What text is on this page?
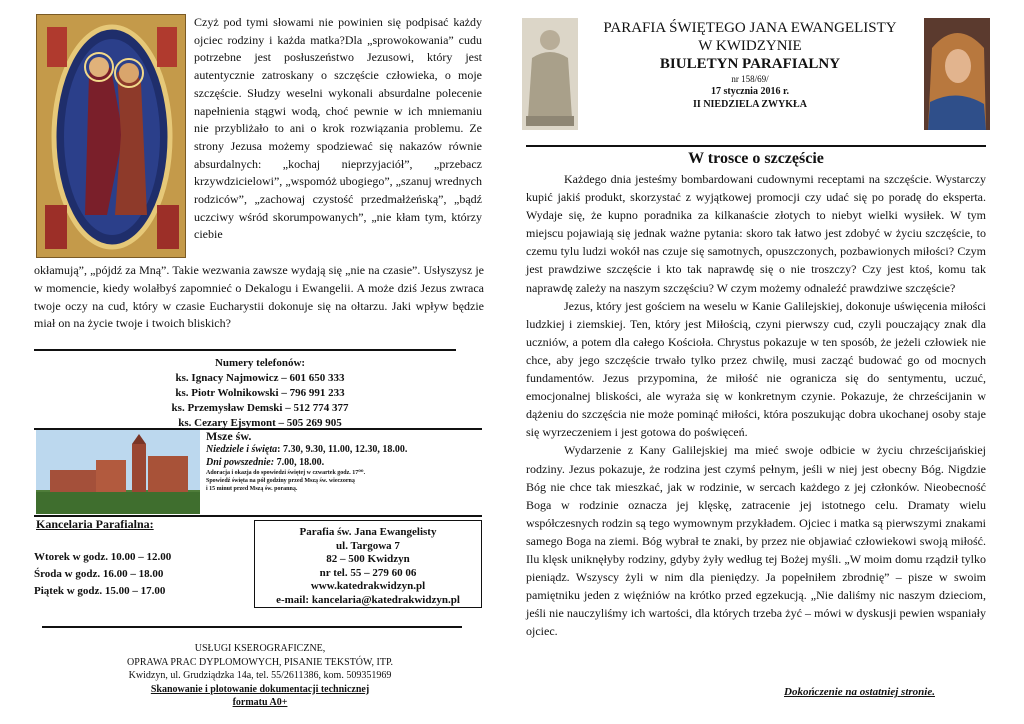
Czyż pod tymi słowami nie powinien się podpisać każdy ojciec rodziny i każda matka?Dla „sprowokowania” cudu potrzebne jest posłuszeństwo Jezusowi, który jest autentycznie zatroskany o szczęście człowieka, o moje szczęście. Słudzy weselni wykonali absurdalne polecenie napełnienia stągwi wodą, choć pewnie w ich mniemaniu nie przybliżało to ani o krok rozwiązania problemu. Ze strony Jezusa możemy spodziewać się nakazów równie absurdalnych: „kochaj nieprzyjaciół”, „przebacz krzywdzicielowi”, „wspomóż ubogiego”, „szanuj wrednych rodziców”, „zachowaj czystość przedmałżeńską”, „bądź uczciwy wśród skorumpowanych”, „nie kłam tym, którzy ciebie
okłamują”, „pójdź za Mną”. Takie wezwania zawsze wydają się „nie na czasie”. Usłyszysz je w momencie, kiedy wolałbyś zapomnieć o Dekalogu i Ewangelii. A może dziś Jezus zwraca twoje oczy na cud, który w czasie Eucharystii dokonuje się na ołtarzu. Jaki wpływ będzie miał on na życie twoje i twoich bliskich?
Numery telefonów:
ks. Ignacy Najmowicz – 601 650 333
ks. Piotr Wolnikowski – 796 991 233
ks. Przemysław Demski – 512 774 377
ks. Cezary Ejsymont – 505 269 905
Msze św.
Niedziele i święta: 7.30, 9.30, 11.00, 12.30, 18.00.
Dni powszednie: 7.00, 18.00.
Adoracja i okazja do spowiedzi świętej w czwartek godz. 17⁰⁰.
Spowiedź święta na pół godziny przed Mszą św. wieczorną
i 15 minut przed Mszą św. poranną.
Kancelaria Parafialna:
Wtorek w godz. 10.00 – 12.00
Środa w godz. 16.00 – 18.00
Piątek w godz. 15.00 – 17.00
Parafia św. Jana Ewangelisty
ul. Targowa 7
82 – 500 Kwidzyn
nr tel. 55 – 279 60 06
www.katedrakwidzyn.pl
e-mail: kancelaria@katedrakwidzyn.pl
USŁUGI KSEROGRAFICZNE,
OPRAWA PRAC DYPLOMOWYCH, PISANIE TEKSTÓW, ITP.
Kwidzyn, ul. Grudziądzka 14a, tel. 55/2611386, kom. 509351969
Skanowanie i plotowanie dokumentacji technicznej
formatu A0+
PARAFIA ŚWIĘTEGO JANA EWANGELISTY
W KWIDZYNIE
BIULETYN PARAFIALNY
nr 158/69/
17 stycznia 2016 r.
II NIEDZIELA ZWYKŁA
W trosce o szczęście

Każdego dnia jesteśmy bombardowani cudownymi receptami na szczęście. Wystarczy kupić jakiś produkt, skorzystać z wyjątkowej promocji czy udać się po poradę do eksperta. Wydaje się, że kupno poradnika za kilkanaście złotych to niebyt wielki wysiłek. W tym miejscu pojawiają się jednak ważne pytania: skoro tak łatwo jest zdobyć w życiu szczęście, to czemu tylu ludzi wokół nas czuje się samotnych, opuszczonych, pozbawionych miłości? Czym jest prawdziwe szczęście i kto tak naprawdę się o nie troszczy? Czy jest ktoś, komu tak naprawdę zależy na naszym szczęściu? W czym możemy odnaleźć prawdziwe szczęście?

Jezus, który jest gościem na weselu w Kanie Galilejskiej, dokonuje uświęcenia miłości ludzkiej i ziemskiej. Ten, który jest Miłością, czyni pierwszy cud, czyli pouczający znak dla uczniów, a potem dla całego Kościoła. Chrystus pokazuje w ten sposób, że jeżeli człowiek nie chce, aby jego szczęście trwało tylko przez chwilę, musi zacząć budować go od mocnych fundamentów. Jezus przypomina, że miłość nie ogranicza się do sentymentu, uczuć, emocjonalnej bliskości, ale wyraża się w konkretnym czynie. Pokazuje, że chrześcijanin w dążeniu do szczęścia nie może pominąć miłości, która poszukując dobra ukochanej osoby staje się wyrzeczeniem i jest gotowa do poświęceń.

Wydarzenie z Kany Galilejskiej ma mieć swoje odbicie w życiu chrześcijańskiej rodziny. Jezus pokazuje, że rodzina jest czymś pełnym, jeśli w niej jest obecny Bóg. Nigdzie Bóg nie chce tak mieszkać, jak w rodzinie, w sercach każdego z jej członków. Nieobecność Boga w rodzinie oznacza jej klęskę, zatracenie jej istotnego celu. Dramaty wielu współczesnych rodzin są tego wymownym przykładem. Ojciec i matka są pierwszymi znakami samego Boga na ziemi. Bóg wybrał te znaki, by przez nie objawiać człowiekowi swoją miłość. Ilu klęsk uniknęłyby rodziny, gdyby żyły według tej Bożej myśli. „W moim domu rządził tylko pieniądz. Wszyscy żyli w nim dla pieniędzy. Ja popełniłem zbrodnię” – pisze w swoim pamiętniku jeden z więźniów na krótko przed egzekucją. „Nie daliśmy nic naszym dzieciom, jeśli nie nauczyliśmy ich wartości, dla których trzeba żyć – mówi w dyskusji pewien wspaniały ojciec.

Dokończenie na ostatniej stronie.
